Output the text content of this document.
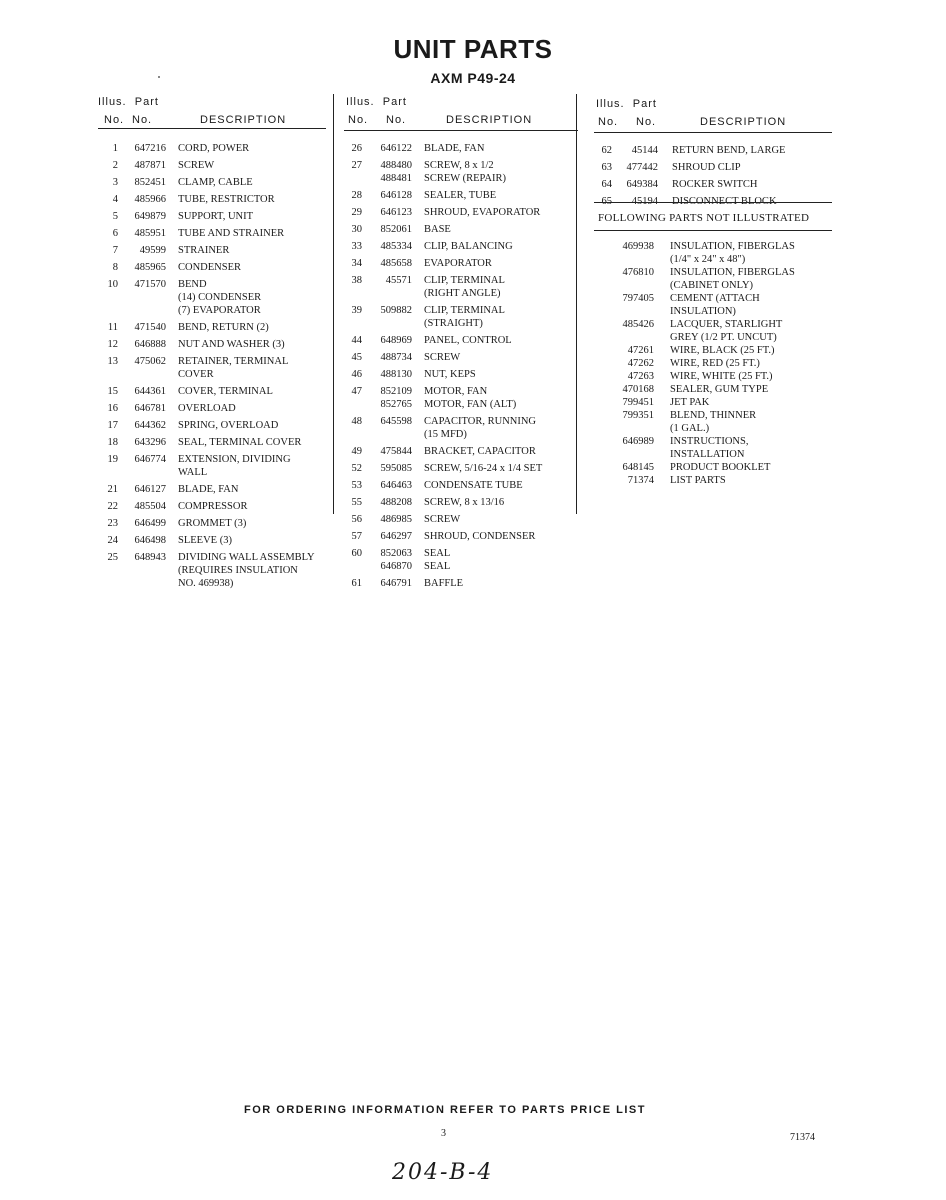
UNIT PARTS
AXM P49-24
Illus. Part
No. No.	DESCRIPTION
1	647216 CORD, POWER
2	487871 SCREW
3	852451 CLAMP, CABLE
4	485966 TUBE, RESTRICTOR
5	649879 SUPPORT, UNIT
6	485951 TUBE AND STRAINER
7	49599 STRAINER
8	485965 CONDENSER
10	471570 BEND
(14) CONDENSER
(7) EVAPORATOR
11	471540 BEND, RETURN (2)
12	646888 NUT AND WASHER (3)
13	475062 RETAINER, TERMINAL
COVER
15	644361 COVER, TERMINAL
16	646781 OVERLOAD
17	644362 SPRING, OVERLOAD
18	643296 SEAL, TERMINAL COVER
19	646774 EXTENSION, DIVIDING
WALL
21	646127 BLADE, FAN
22	485504 COMPRESSOR
23	646499 GROMMET (3)
24	646498 SLEEVE (3)
25	648943 DIVIDING WALL ASSEMBLY
(REQUIRES INSULATION
NO. 469938)
Illus. Part
No. No.	DESCRIPTION
26	646122 BLADE, FAN
27	488480 SCREW, 8 x 1/2
488481 SCREW (REPAIR)
28	646128 SEALER, TUBE
29	646123 SHROUD, EVAPORATOR
30	852061 BASE
33	485334 CLIP, BALANCING
34	485658 EVAPORATOR
38	45571 CLIP, TERMINAL
(RIGHT ANGLE)
39	509882 CLIP, TERMINAL
(STRAIGHT)
44	648969 PANEL, CONTROL
45	488734 SCREW
46	488130 NUT, KEPS
47	852109 MOTOR, FAN
852765 MOTOR, FAN (ALT)
48	645598 CAPACITOR, RUNNING
(15 MFD)
49	475844 BRACKET, CAPACITOR
52	595085 SCREW, 5/16-24 x 1/4 SET
53	646463 CONDENSATE TUBE
55	488208 SCREW, 8 x 13/16
56	486985 SCREW
57	646297 SHROUD, CONDENSER
60	852063 SEAL
646870 SEAL
61	646791 BAFFLE
Illus. Part
No. No.	DESCRIPTION
62	45144 RETURN BEND, LARGE
63	477442 SHROUD CLIP
64	649384 ROCKER SWITCH
65	45194 DISCONNECT BLOCK
FOLLOWING PARTS NOT ILLUSTRATED
469938 INSULATION, FIBERGLAS
(1/4" x 24" x 48")
476810 INSULATION, FIBERGLAS
(CABINET ONLY)
797405 CEMENT (ATTACH
INSULATION)
485426 LACQUER, STARLIGHT
GREY (1/2 PT. UNCUT)
47261 WIRE, BLACK (25 FT.)
47262 WIRE, RED (25 FT.)
47263 WIRE, WHITE (25 FT.)
470168 SEALER, GUM TYPE
799451 JET PAK
799351 BLEND, THINNER
(1 GAL.)
646989 INSTRUCTIONS,
INSTALLATION
648145 PRODUCT BOOKLET
71374 LIST PARTS
FOR ORDERING INFORMATION REFER TO PARTS PRICE LIST
3	71374
204-B-4
